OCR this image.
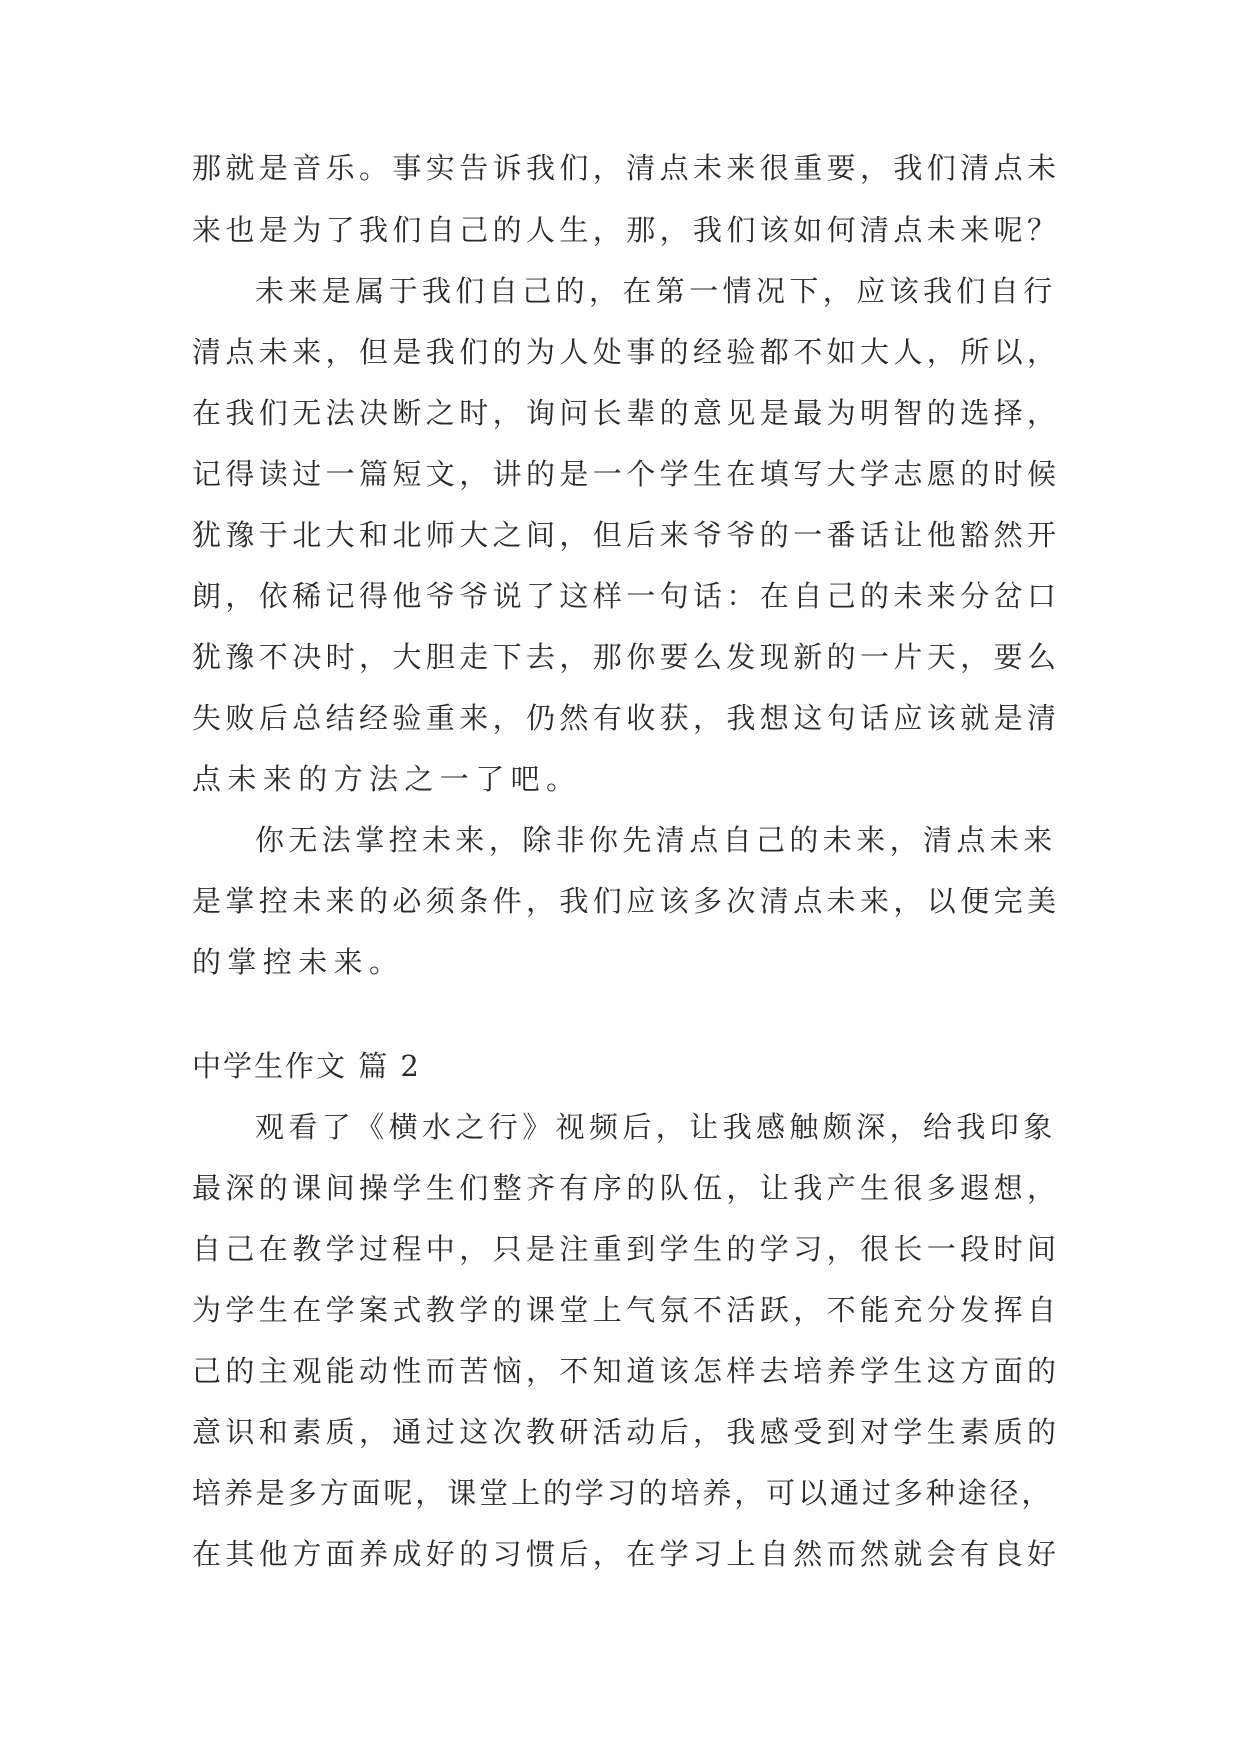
那就是音乐。事实告诉我们，清点未来很重要，我们清点未
来也是为了我们自己的人生，那，我们该如何清点未来呢？
未来是属于我们自己的，在第一情况下，应该我们自行
清点未来，但是我们的为人处事的经验都不如大人，所以，
在我们无法决断之时，询问长辈的意见是最为明智的选择，
记得读过一篇短文，讲的是一个学生在填写大学志愿的时候
犹豫于北大和北师大之间，但后来爷爷的一番话让他豁然开
朗，依稀记得他爷爷说了这样一句话：在自己的未来分岔口
犹豫不决时，大胆走下去，那你要么发现新的一片天，要么
失败后总结经验重来，仍然有收获，我想这句话应该就是清
点未来的方法之一了吧。
你无法掌控未来，除非你先清点自己的未来，清点未来
是掌控未来的必须条件，我们应该多次清点未来，以便完美
的掌控未来。
中学生作文 篇 2
观看了《横水之行》视频后，让我感触颇深，给我印象
最深的课间操学生们整齐有序的队伍，让我产生很多遐想，
自己在教学过程中，只是注重到学生的学习，很长一段时间
为学生在学案式教学的课堂上气氛不活跃，不能充分发挥自
己的主观能动性而苦恼，不知道该怎样去培养学生这方面的
意识和素质，通过这次教研活动后，我感受到对学生素质的
培养是多方面呢，课堂上的学习的培养，可以通过多种途径，
在其他方面养成好的习惯后，在学习上自然而然就会有良好
